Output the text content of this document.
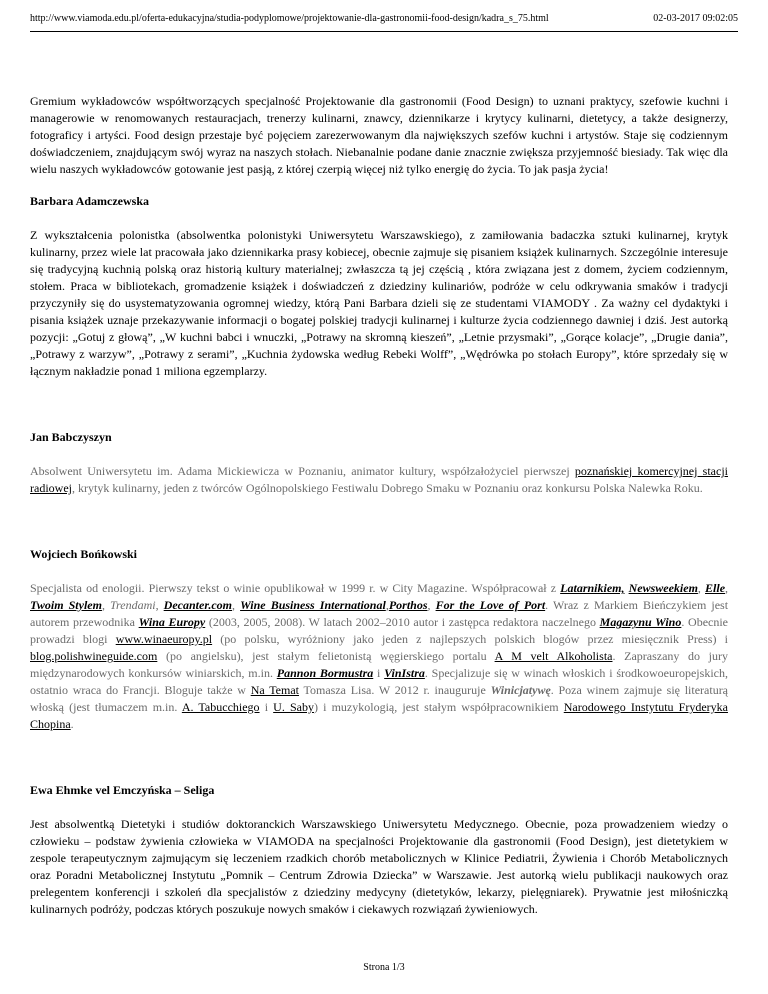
http://www.viamoda.edu.pl/oferta-edukacyjna/studia-podyplomowe/projektowanie-dla-gastronomii-food-design/kadra_s_75.html	02-03-2017 09:02:05

Gremium wykładowców współtworzących specjalność Projektowanie dla gastronomii (Food Design) to uznani praktycy, szefowie kuchni i managerowie w renomowanych restauracjach, trenerzy kulinarni, znawcy, dziennikarze i krytycy kulinarni, dietetycy, a także designerzy, fotograficy i artyści. Food design przestaje być pojęciem zarezerwowanym dla największych szefów kuchni i artystów. Staje się codziennym doświadczeniem, znajdującym swój wyraz na naszych stołach. Niebanalnie podane danie znacznie zwiększa przyjemność biesiady. Tak więc dla wielu naszych wykładowców gotowanie jest pasją, z której czerpią więcej niż tylko energię do życia. To jak pasja życia!

Barbara Adamczewska

Z wykształcenia polonistka (absolwentka polonistyki Uniwersytetu Warszawskiego), z zamiłowania badaczka sztuki kulinarnej, krytyk kulinarny, przez wiele lat pracowała jako dziennikarka prasy kobiecej, obecnie zajmuje się pisaniem książek kulinarnych. Szczególnie interesuje się tradycyjną kuchnią polską oraz historią kultury materialnej; zwłaszcza tą jej częścią , która związana jest z domem, życiem codziennym, stołem. Praca w bibliotekach, gromadzenie książek i doświadczeń z dziedziny kulinariów, podróże w celu odkrywania smaków i tradycji przyczyniły się do usystematyzowania ogromnej wiedzy, którą Pani Barbara dzieli się ze studentami VIAMODY . Za ważny cel dydaktyki i pisania książek uznaje przekazywanie informacji o bogatej polskiej tradycji kulinarnej i kulturze życia codziennego dawniej i dziś. Jest autorką pozycji: „Gotuj z głową”, „W kuchni babci i wnuczki, „Potrawy na skromną kieszeń”, „Letnie przysmaki”, „Gorące kolacje”, „Drugie dania”, „Potrawy z warzyw”, „Potrawy z serami”, „Kuchnia żydowska według Rebeki Wolff”, „Wędrówka po stołach Europy”, które sprzedały się w łącznym nakładzie ponad 1 miliona egzemplarzy.

Jan Babczyszyn

Absolwent Uniwersytetu im. Adama Mickiewicza w Poznaniu, animator kultury, współzałożyciel pierwszej poznańskiej komercyjnej stacji radiowej, krytyk kulinarny, jeden z twórców Ogólnopolskiego Festiwalu Dobrego Smaku w Poznaniu oraz konkursu Polska Nalewka Roku.

Wojciech Bońkowski

Specjalista od enologii. Pierwszy tekst o winie opublikował w 1999 r. w City Magazine. Współpracował z Latarnikiem, Newsweekiem, Elle, Twoim Stylem, Trendami, Decanter.com, Wine Business International,Porthos, For the Love of Port. Wraz z Markiem Bieńczykiem jest autorem przewodnika Wina Europy (2003, 2005, 2008). W latach 2002–2010 autor i zastępca redaktora naczelnego Magazynu Wino. Obecnie prowadzi blogi www.winaeuropy.pl (po polsku, wyróżniony jako jeden z najlepszych polskich blogów przez miesięcznik Press) i blog.polishwineguide.com (po angielsku), jest stałym felietonistą węgierskiego portalu A M velt Alkoholista. Zapraszany do jury międzynarodowych konkursów winiarskich, m.in. Pannon Bormustra i VinIstra. Specjalizuje się w winach włoskich i środkowoeuropejskich, ostatnio wraca do Francji. Bloguje także w Na Temat Tomasza Lisa. W 2012 r. inauguruje Winicjatywę. Poza winem zajmuje się literaturą włoską (jest tłumaczem m.in. A. Tabucchiego i U. Saby) i muzykologią, jest stałym współpracownikiem Narodowego Instytutu Fryderyka Chopina.

Ewa Ehmke vel Emczyńska – Seliga

Jest absolwentką Dietetyki i studiów doktoranckich Warszawskiego Uniwersytetu Medycznego. Obecnie, poza prowadzeniem wiedzy o człowieku – podstaw żywienia człowieka w VIAMODA na specjalności Projektowanie dla gastronomii (Food Design), jest dietetykiem w zespole terapeutycznym zajmującym się leczeniem rzadkich chorób metabolicznych w Klinice Pediatrii, Żywienia i Chorób Metabolicznych oraz Poradni Metabolicznej Instytutu „Pomnik – Centrum Zdrowia Dziecka” w Warszawie. Jest autorką wielu publikacji naukowych oraz prelegentem konferencji i szkoleń dla specjalistów z dziedziny medycyny (dietetyków, lekarzy, pielęgniarek). Prywatnie jest miłośniczką kulinarnych podróży, podczas których poszukuje nowych smaków i ciekawych rozwiązań żywieniowych.

Strona 1/3
